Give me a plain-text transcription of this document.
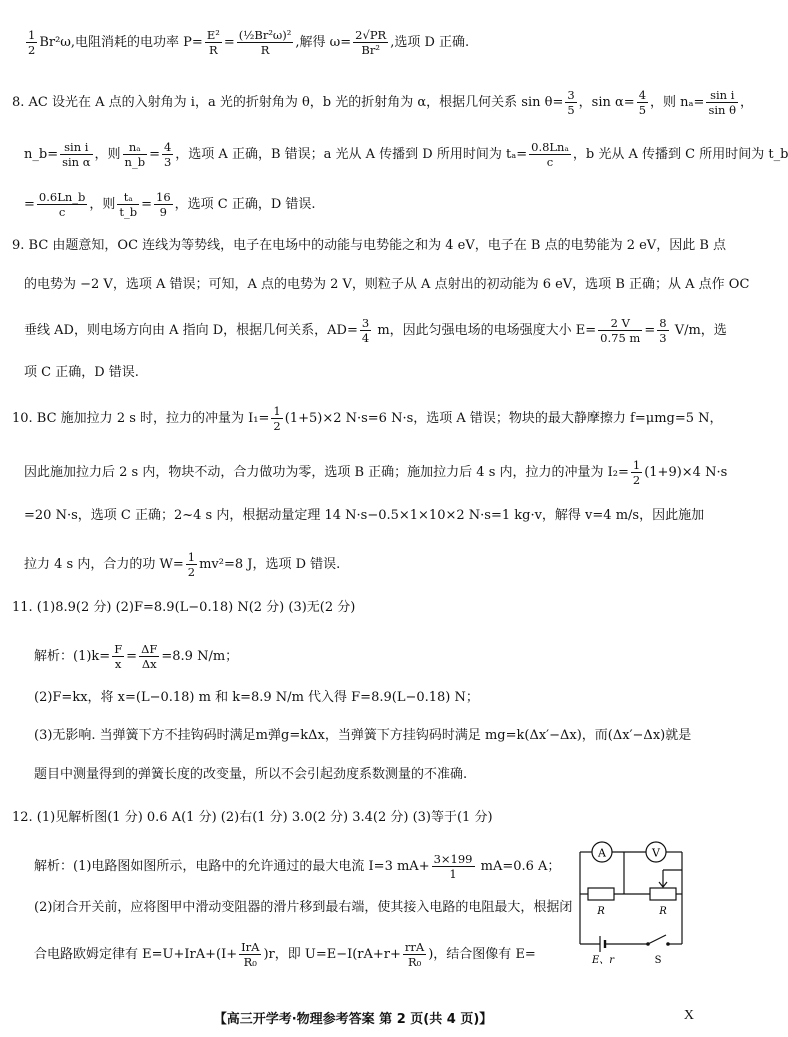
$\frac{1}{2} Br^2\omega$,电阻消耗的电功率 $P= \frac{\text{E²}}{R} = \frac{\text{(½Br²ω)²}}{R}$ ,解得 $\omega= \frac{2√PR}{\text{Br²}}$ ,选项 D 正确.
8. AC 设光在 A 点的入射角为 i，a 光的折射角为 θ，b 光的折射角为 α，根据几何关系 $\sin \theta= \frac{3}{5}$ ，$\sin \alpha= \frac{4}{5}$ ，则 $n_a= \frac{\text{sin i}}{\text{sin θ}}$ ，
n_b= $\frac{\text{sin i}}{\text{sin α}}$ ，则 $\frac{\text{nₐ}}{n\_b} = \frac{4}{3}$ ，选项 A 正确，B 错误；a 光从 A 传播到 D 所用时间为 $t_a= \frac{\text{0.8Lnₐ}}{c}$ ，b 光从 A 传播到 C 所用时间为 t_b
= $\frac{0.6Ln\_b}{c}$ ，则 $\frac{\text{tₐ}}{t\_b} = \frac{16}{9}$ ，选项 C 正确，D 错误.
9. BC 由题意知，OC 连线为等势线，电子在电场中的动能与电势能之和为 4 eV，电子在 B 点的电势能为 2 eV，因此 B 点
的电势为 −2 V，选项 A 错误；可知，A 点的电势为 2 V，则粒子从 A 点射出的初动能为 6 eV，选项 B 正确；从 A 点作 OC
垂线 AD，则电场方向由 A 指向 D，根据几何关系，$AD= \frac{3}{4}$ m，因此匀强电场的电场强度大小 $E= \frac{2 V}{0.75 m} = \frac{8}{3} V/m$，选
项 C 正确，D 错误.
10. BC 施加拉力 2 s 时，拉力的冲量为 $I_1= \frac{1}{2} (1+5)\times 2$ N·s=6 N·s，选项 A 错误；物块的最大静摩擦力 f=μmg=5 N，
因此施加拉力后 2 s 内，物块不动，合力做功为零，选项 B 正确；施加拉力后 4 s 内，拉力的冲量为 $I_2= \frac{1}{2} (1+9)\times 4$ N·s
=20 N·s，选项 C 正确；2~4 s 内，根据动量定理 14 N·s−0.5×1×10×2 N·s=1 kg·v，解得 v=4 m/s，因此施加
拉力 4 s 内，合力的功 $W= \frac{1}{2} mv^2=8$ J，选项 D 错误.
11. (1)8.9(2 分) (2)F=8.9(L−0.18) N(2 分) (3)无(2 分)
解析：$(1)k= \frac{F}{x} = \frac{\Delta F}{\Delta x} =8.9$ N/m；
(2)F=kx，将 x=(L−0.18) m 和 k=8.9 N/m 代入得 F=8.9(L−0.18) N；
(3)无影响. 当弹簧下方不挂钩码时满足m弹g=kΔx，当弹簧下方挂钩码时满足 mg=k(Δx′−Δx)，而(Δx′−Δx)就是
题目中测量得到的弹簧长度的改变量，所以不会引起劲度系数测量的不准确.
12. (1)见解析图(1 分) 0.6 A(1 分) (2)右(1 分) 3.0(2 分) 3.4(2 分) (3)等于(1 分)
解析：(1)电路图如图所示，电路中的允许通过的最大电流 I=3 $mA+ \frac{3\times 199}{1} mA=0.6$ A；
(2)闭合开关前，应将图甲中滑动变阻器的滑片移到最右端，使其接入电路的电阻最大，根据闭
合电路欧姆定律有 $E=U+IrA+(I+ \frac{\text{IrA}}{\text{R₀}} )r$，即 $U=E-I(rA+r+ \frac{\text{rrA}}{\text{R₀}}$ )，结合图像有 E=
A	V
R	R
E、r	S
【高三开学考·物理参考答案 第 2 页(共 4 页)】	X
